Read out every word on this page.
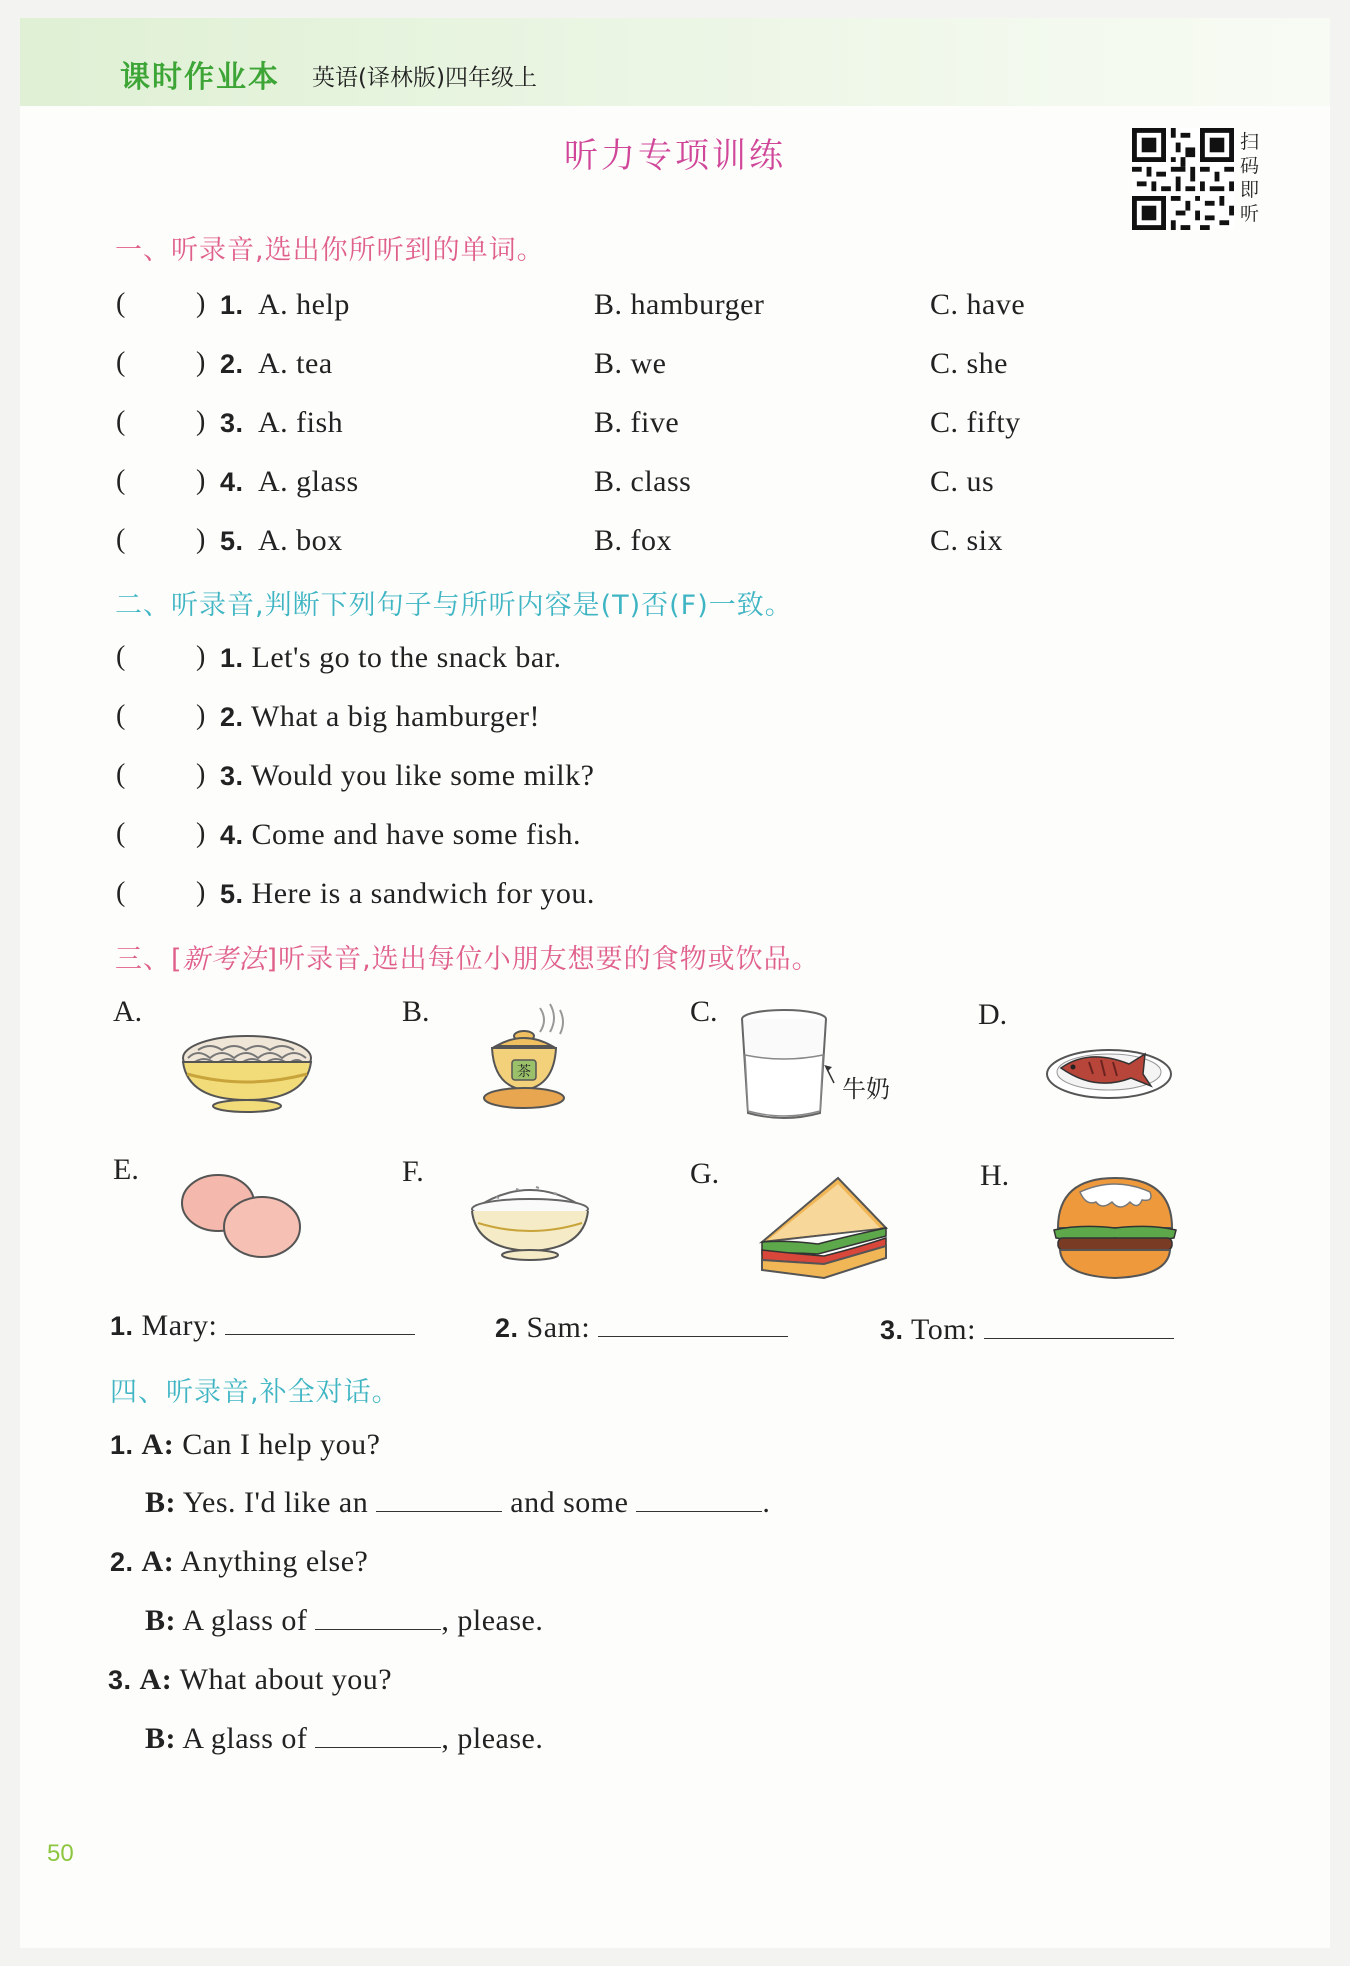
课时作业本 英语(译林版)四年级上
听力专项训练	扫码即听
一、听录音,选出你所听到的单词。
(	) 1. A. help	B. hamburger	C. have
(	) 2. A. tea	B. we	C. she
(	) 3. A. fish	B. five	C. fifty
(	) 4. A. glass	B. class	C. us
(	) 5. A. box	B. fox	C. six
二、听录音,判断下列句子与所听内容是(T)否(F)一致。
(	) 1. Let's go to the snack bar.
(	) 2. What a big hamburger!
(	) 3. Would you like some milk?
(	) 4. Come and have some fish.
(	) 5. Here is a sandwich for you.
三、[新考法]听录音,选出每位小朋友想要的食物或饮品。
A.	B.	C.	D.
E.	F.	G.	H.
茶
牛奶
1. Mary:	2. Sam:	3. Tom:
四、听录音,补全对话。
1. A: Can I help you?
B: Yes. I'd like an	and some	.
2. A: Anything else?
B: A glass of	, please.
3. A: What about you?
B: A glass of	, please.
50
